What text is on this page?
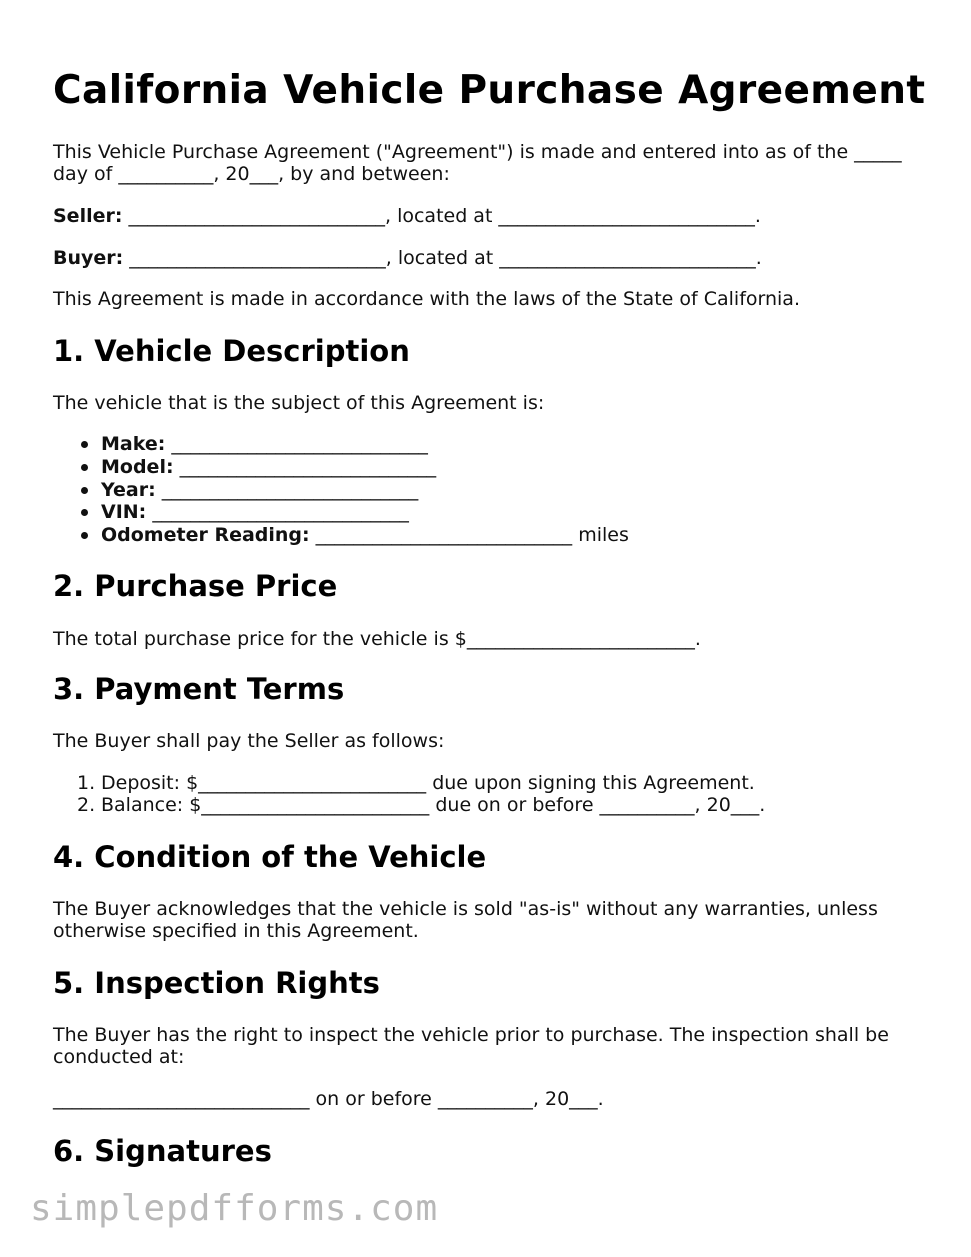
California Vehicle Purchase Agreement
This Vehicle Purchase Agreement ("Agreement") is made and entered into as of the _____
day of __________, 20___, by and between:
Seller: ___________________________, located at ___________________________.
Buyer: ___________________________, located at ___________________________.
This Agreement is made in accordance with the laws of the State of California.
1. Vehicle Description
The vehicle that is the subject of this Agreement is:
Make: ___________________________
Model: ___________________________
Year: ___________________________
VIN: ___________________________
Odometer Reading: ___________________________ miles
2. Purchase Price
The total purchase price for the vehicle is $________________________.
3. Payment Terms
The Buyer shall pay the Seller as follows:
1. Deposit: $________________________ due upon signing this Agreement.
2. Balance: $________________________ due on or before __________, 20___.
4. Condition of the Vehicle
The Buyer acknowledges that the vehicle is sold "as-is" without any warranties, unless
otherwise specified in this Agreement.
5. Inspection Rights
The Buyer has the right to inspect the vehicle prior to purchase. The inspection shall be
conducted at:
___________________________ on or before __________, 20___.
6. Signatures
simplepdfforms.com
